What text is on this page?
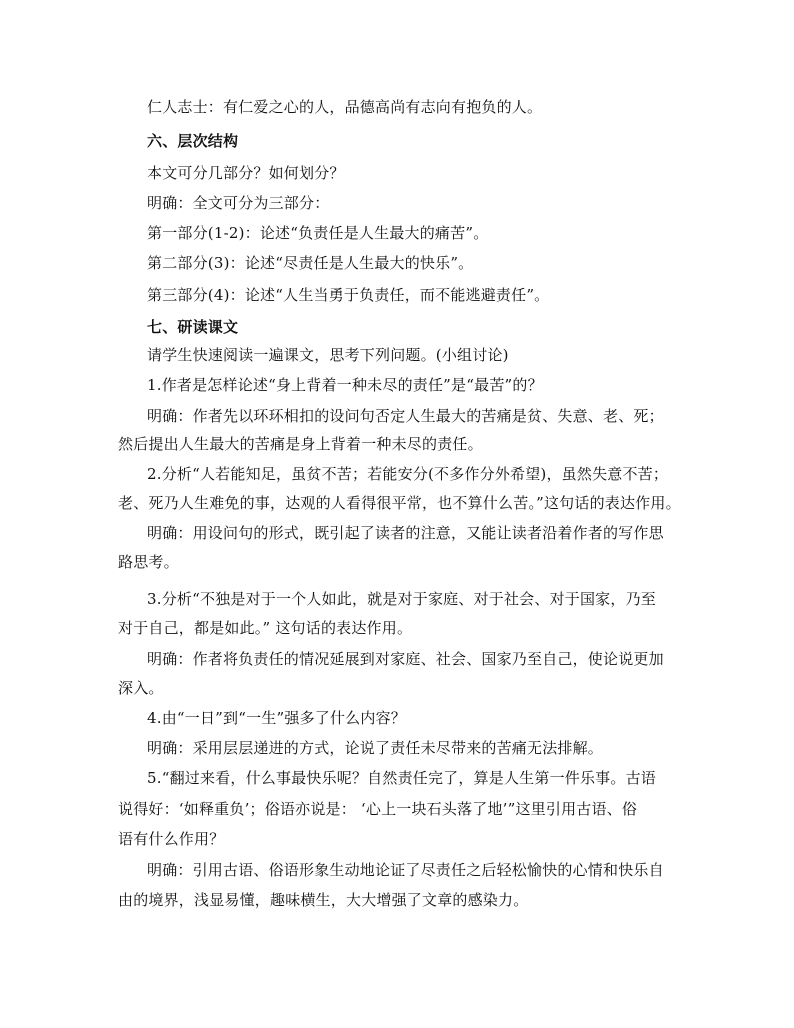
仁人志士：有仁爱之心的人，品德高尚有志向有抱负的人。
六、层次结构
本文可分几部分？如何划分？
明确：全文可分为三部分：
第一部分(1-2)：论述“负责任是人生最大的痛苦”。
第二部分(3)：论述“尽责任是人生最大的快乐”。
第三部分(4)：论述“人生当勇于负责任，而不能逃避责任”。
七、研读课文
请学生快速阅读一遍课文，思考下列问题。(小组讨论)
1.作者是怎样论述“身上背着一种未尽的责任”是“最苦”的？
明确：作者先以环环相扣的设问句否定人生最大的苦痛是贫、失意、老、死；
然后提出人生最大的苦痛是身上背着一种未尽的责任。
2.分析“人若能知足，虽贫不苦；若能安分(不多作分外希望)，虽然失意不苦；
老、死乃人生难免的事，达观的人看得很平常，也不算什么苦。”这句话的表达作用。
明确：用设问句的形式，既引起了读者的注意，又能让读者沿着作者的写作思
路思考。
3.分析“不独是对于一个人如此，就是对于家庭、对于社会、对于国家，乃至
对于自己，都是如此。” 这句话的表达作用。
明确：作者将负责任的情况延展到对家庭、社会、国家乃至自己，使论说更加
深入。
4.由“一日”到“一生”强多了什么内容？
明确：采用层层递进的方式，论说了责任未尽带来的苦痛无法排解。
5.“翻过来看，什么事最快乐呢？自然责任完了，算是人生第一件乐事。古语
说得好：‘如释重负’；俗语亦说是： ‘心上一块石头落了地’”这里引用古语、俗
语有什么作用？
明确：引用古语、俗语形象生动地论证了尽责任之后轻松愉快的心情和快乐自
由的境界，浅显易懂，趣味横生，大大增强了文章的感染力。
